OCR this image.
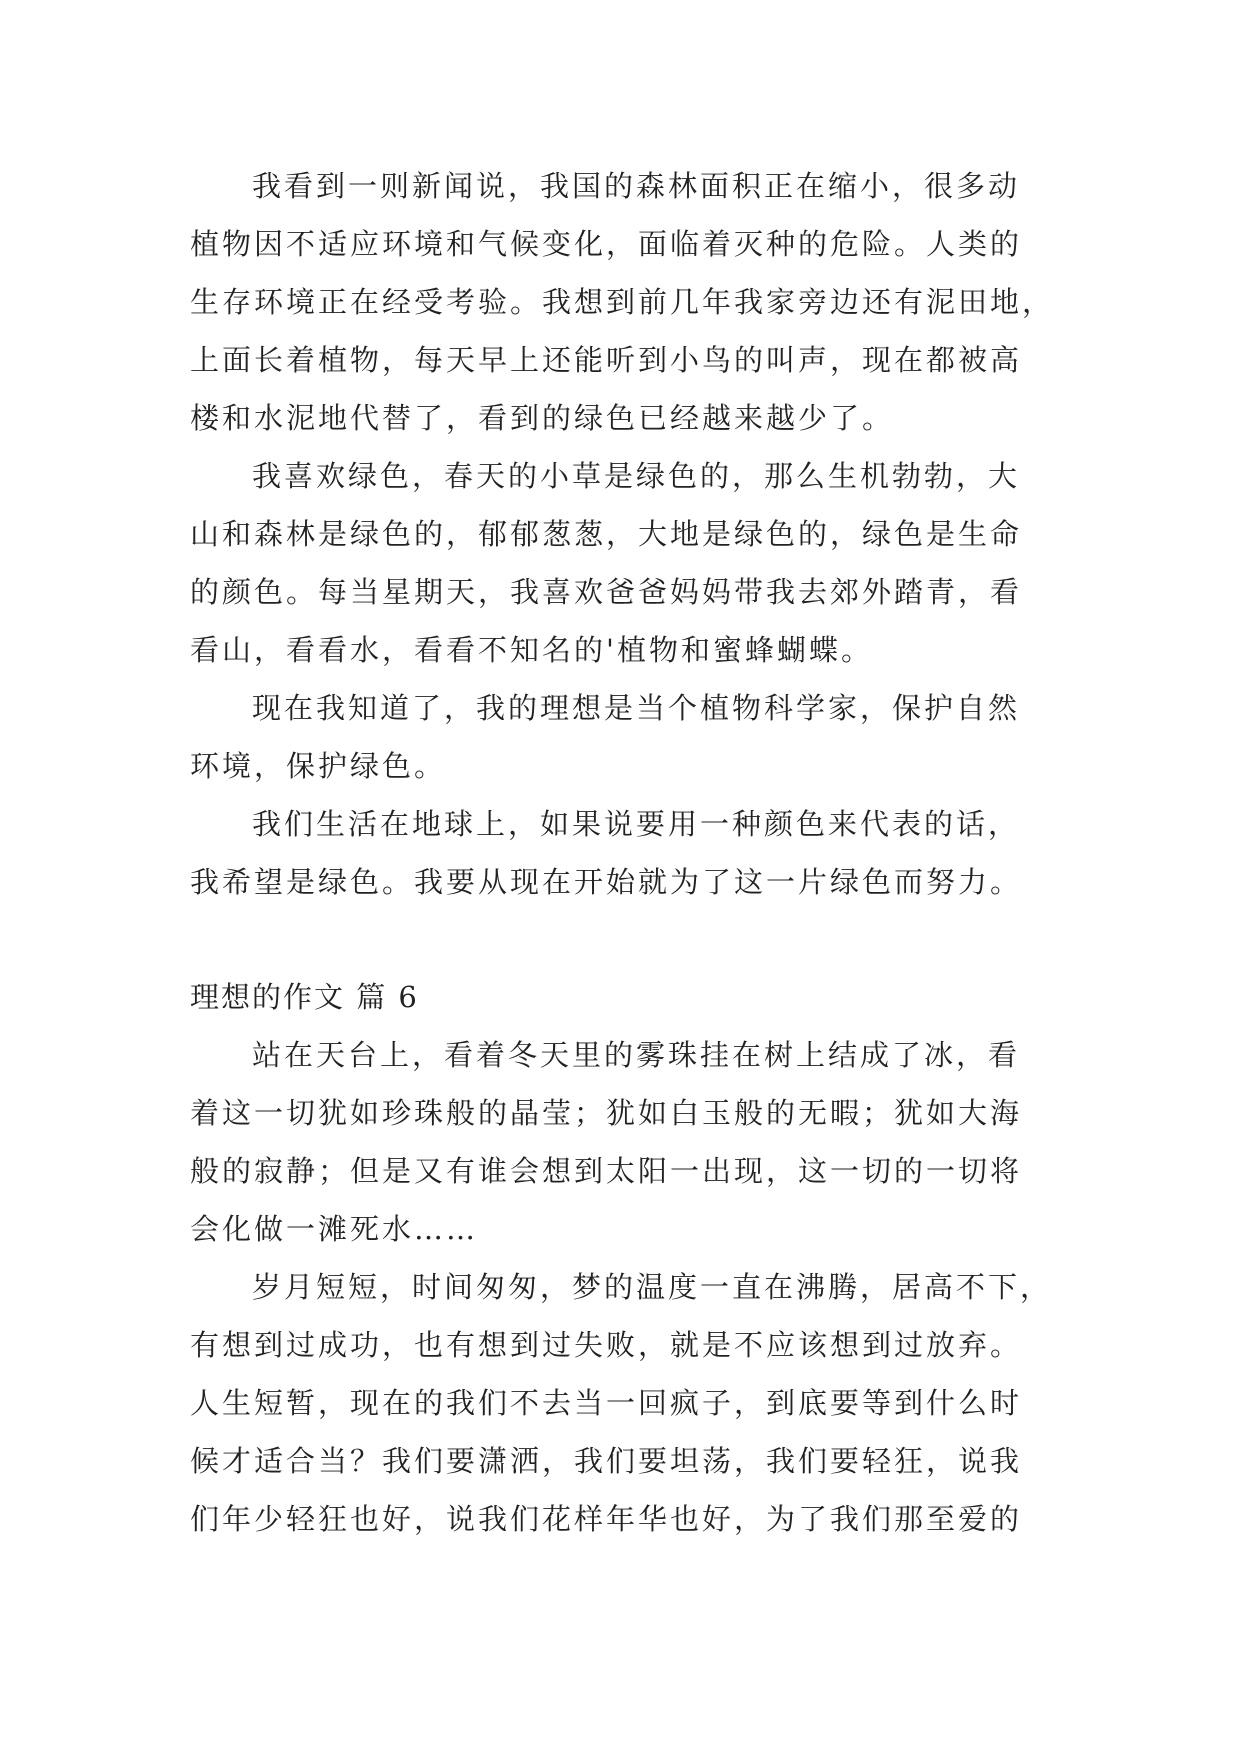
我看到一则新闻说，我国的森林面积正在缩小，很多动
植物因不适应环境和气候变化，面临着灭种的危险。人类的
生存环境正在经受考验。我想到前几年我家旁边还有泥田地，
上面长着植物，每天早上还能听到小鸟的叫声，现在都被高
楼和水泥地代替了，看到的绿色已经越来越少了。
我喜欢绿色，春天的小草是绿色的，那么生机勃勃，大
山和森林是绿色的，郁郁葱葱，大地是绿色的，绿色是生命
的颜色。每当星期天，我喜欢爸爸妈妈带我去郊外踏青，看
看山，看看水，看看不知名的'植物和蜜蜂蝴蝶。
现在我知道了，我的理想是当个植物科学家，保护自然
环境，保护绿色。
我们生活在地球上，如果说要用一种颜色来代表的话，
我希望是绿色。我要从现在开始就为了这一片绿色而努力。
理想的作文 篇 6
站在天台上，看着冬天里的雾珠挂在树上结成了冰，看
着这一切犹如珍珠般的晶莹；犹如白玉般的无暇；犹如大海
般的寂静；但是又有谁会想到太阳一出现，这一切的一切将
会化做一滩死水……
岁月短短，时间匆匆，梦的温度一直在沸腾，居高不下，
有想到过成功，也有想到过失败，就是不应该想到过放弃。
人生短暂，现在的我们不去当一回疯子，到底要等到什么时
候才适合当？我们要潇洒，我们要坦荡，我们要轻狂，说我
们年少轻狂也好，说我们花样年华也好，为了我们那至爱的
